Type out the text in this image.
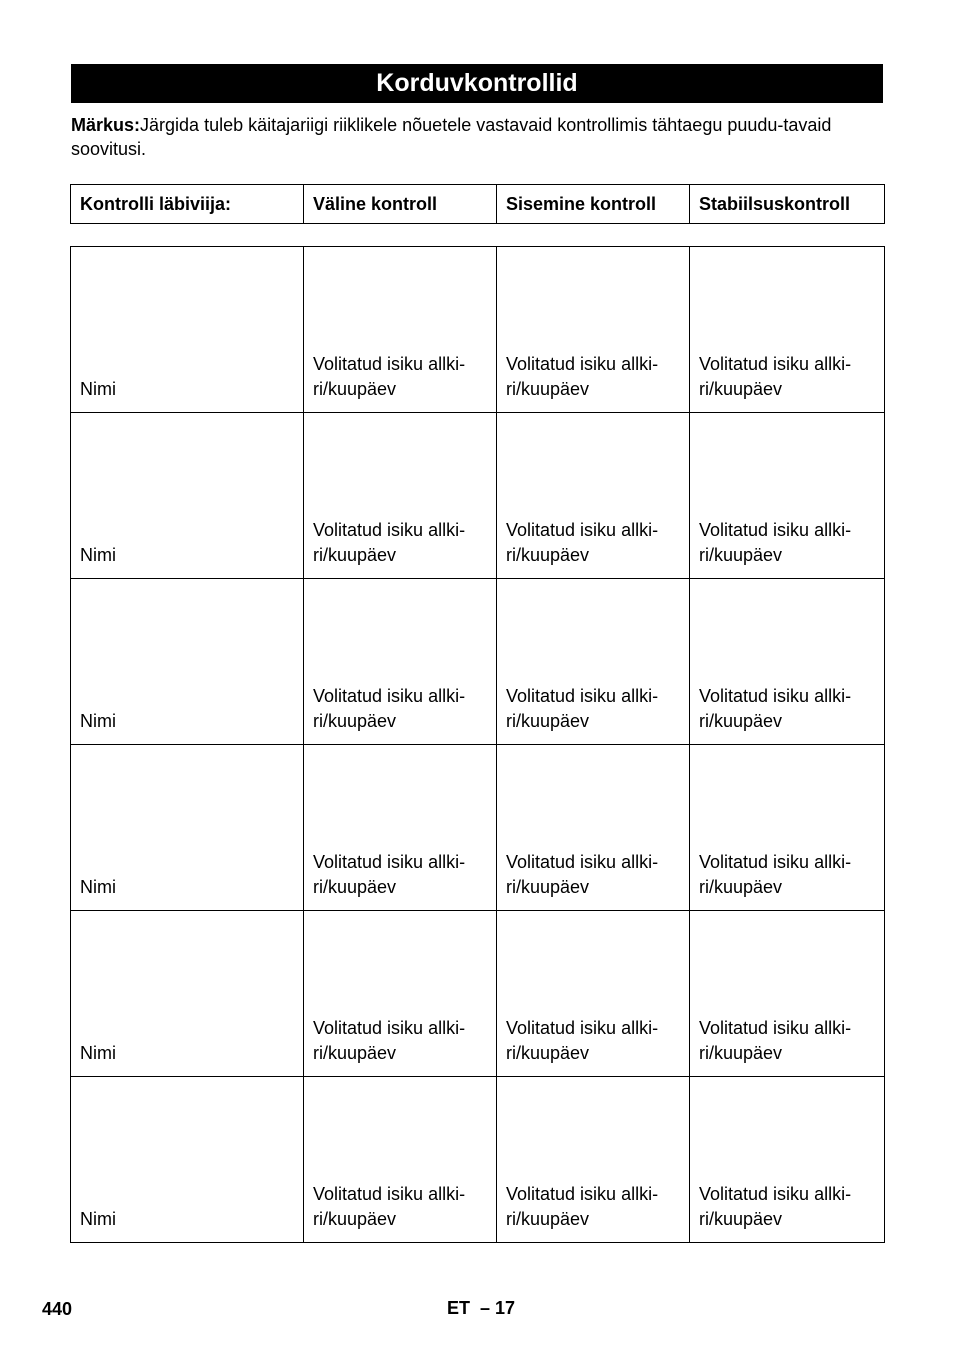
Korduvkontrollid
Märkus:Järgida tuleb käitajariigi riiklikele nõuetele vastavaid kontrollimis tähtaegu puudu-tavaid soovitusi.
Kontrolli läbiviija:	Väline kontroll	Sisemine kontroll	Stabiilsuskontroll
Nimi	Volitatud isiku allki-ri/kuupäev	Volitatud isiku allki-ri/kuupäev	Volitatud isiku allki-ri/kuupäev
Nimi	Volitatud isiku allki-ri/kuupäev	Volitatud isiku allki-ri/kuupäev	Volitatud isiku allki-ri/kuupäev
Nimi	Volitatud isiku allki-ri/kuupäev	Volitatud isiku allki-ri/kuupäev	Volitatud isiku allki-ri/kuupäev
Nimi	Volitatud isiku allki-ri/kuupäev	Volitatud isiku allki-ri/kuupäev	Volitatud isiku allki-ri/kuupäev
Nimi	Volitatud isiku allki-ri/kuupäev	Volitatud isiku allki-ri/kuupäev	Volitatud isiku allki-ri/kuupäev
Nimi	Volitatud isiku allki-ri/kuupäev	Volitatud isiku allki-ri/kuupäev	Volitatud isiku allki-ri/kuupäev
440	ET – 17
